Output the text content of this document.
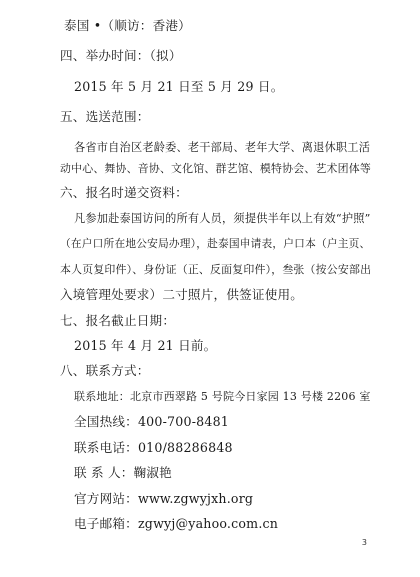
泰国 •（顺访：香港）
四、举办时间：（拟）
2015 年 5 月 21 日至 5 月 29 日。
五、选送范围：
各省市自治区老龄委、老干部局、老年大学、离退休职工活
动中心、舞协、音协、文化馆、群艺馆、模特协会、艺术团体等
六、报名时递交资料：
凡参加赴泰国访问的所有人员，须提供半年以上有效“护照”
（在户口所在地公安局办理），赴泰国申请表，户口本（户主页、
本人页复印件）、身份证（正、反面复印件），叁张（按公安部出
入境管理处要求）二寸照片，供签证使用。
七、报名截止日期：
2015 年 4 月 21 日前。
八、联系方式：
联系地址：北京市西翠路 5 号院今日家园 13 号楼 2206 室
全国热线：400-700-8481
联系电话：010/88286848
联 系 人：鞠淑艳
官方网站：www.zgwyjxh.org
电子邮箱：zgwyj@yahoo.com.cn
3
